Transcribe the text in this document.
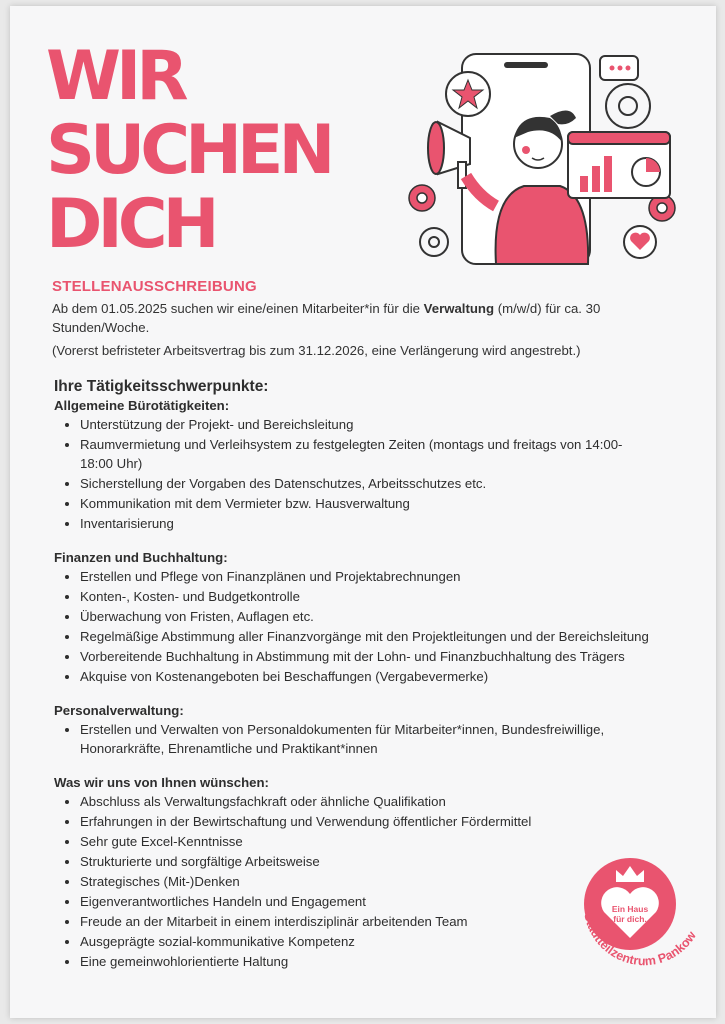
WIR
SUCHEN
DICH
STELLENAUSSCHREIBUNG

Ab dem 01.05.2025 suchen wir eine/einen Mitarbeiter*in für die Verwaltung (m/w/d) für ca. 30 Stunden/Woche.

(Vorerst befristeter Arbeitsvertrag bis zum 31.12.2026, eine Verlängerung wird angestrebt.)

Ihre Tätigkeitsschwerpunkte:
Allgemeine Bürotätigkeiten:
• Unterstützung der Projekt- und Bereichsleitung
• Raumvermietung und Verleihsystem zu festgelegten Zeiten (montags und freitags von 14:00-18:00 Uhr)
• Sicherstellung der Vorgaben des Datenschutzes, Arbeitsschutzes etc.
• Kommunikation mit dem Vermieter bzw. Hausverwaltung
• Inventarisierung
Finanzen und Buchhaltung:
• Erstellen und Pflege von Finanzplänen und Projektabrechnungen
• Konten-, Kosten- und Budgetkontrolle
• Überwachung von Fristen, Auflagen etc.
• Regelmäßige Abstimmung aller Finanzvorgänge mit den Projektleitungen und der Bereichsleitung
• Vorbereitende Buchhaltung in Abstimmung mit der Lohn- und Finanzbuchhaltung des Trägers
• Akquise von Kostenangeboten bei Beschaffungen (Vergabevermerke)
Personalverwaltung:
• Erstellen und Verwalten von Personaldokumenten für Mitarbeiter*innen, Bundesfreiwillige, Honorarkräfte, Ehrenamtliche und Praktikant*innen
Was wir uns von Ihnen wünschen:
• Abschluss als Verwaltungsfachkraft oder ähnliche Qualifikation
• Erfahrungen in der Bewirtschaftung und Verwendung öffentlicher Fördermittel
• Sehr gute Excel-Kenntnisse
• Strukturierte und sorgfältige Arbeitsweise
• Strategisches (Mit-)Denken
• Eigenverantwortliches Handeln und Engagement
• Freude an der Mitarbeit in einem interdisziplinär arbeitenden Team
• Ausgeprägte sozial-kommunikative Kompetenz
• Eine gemeinwohlorientierte Haltung
Ein Haus
für dich.
Stadtteilzentrum Pankow
